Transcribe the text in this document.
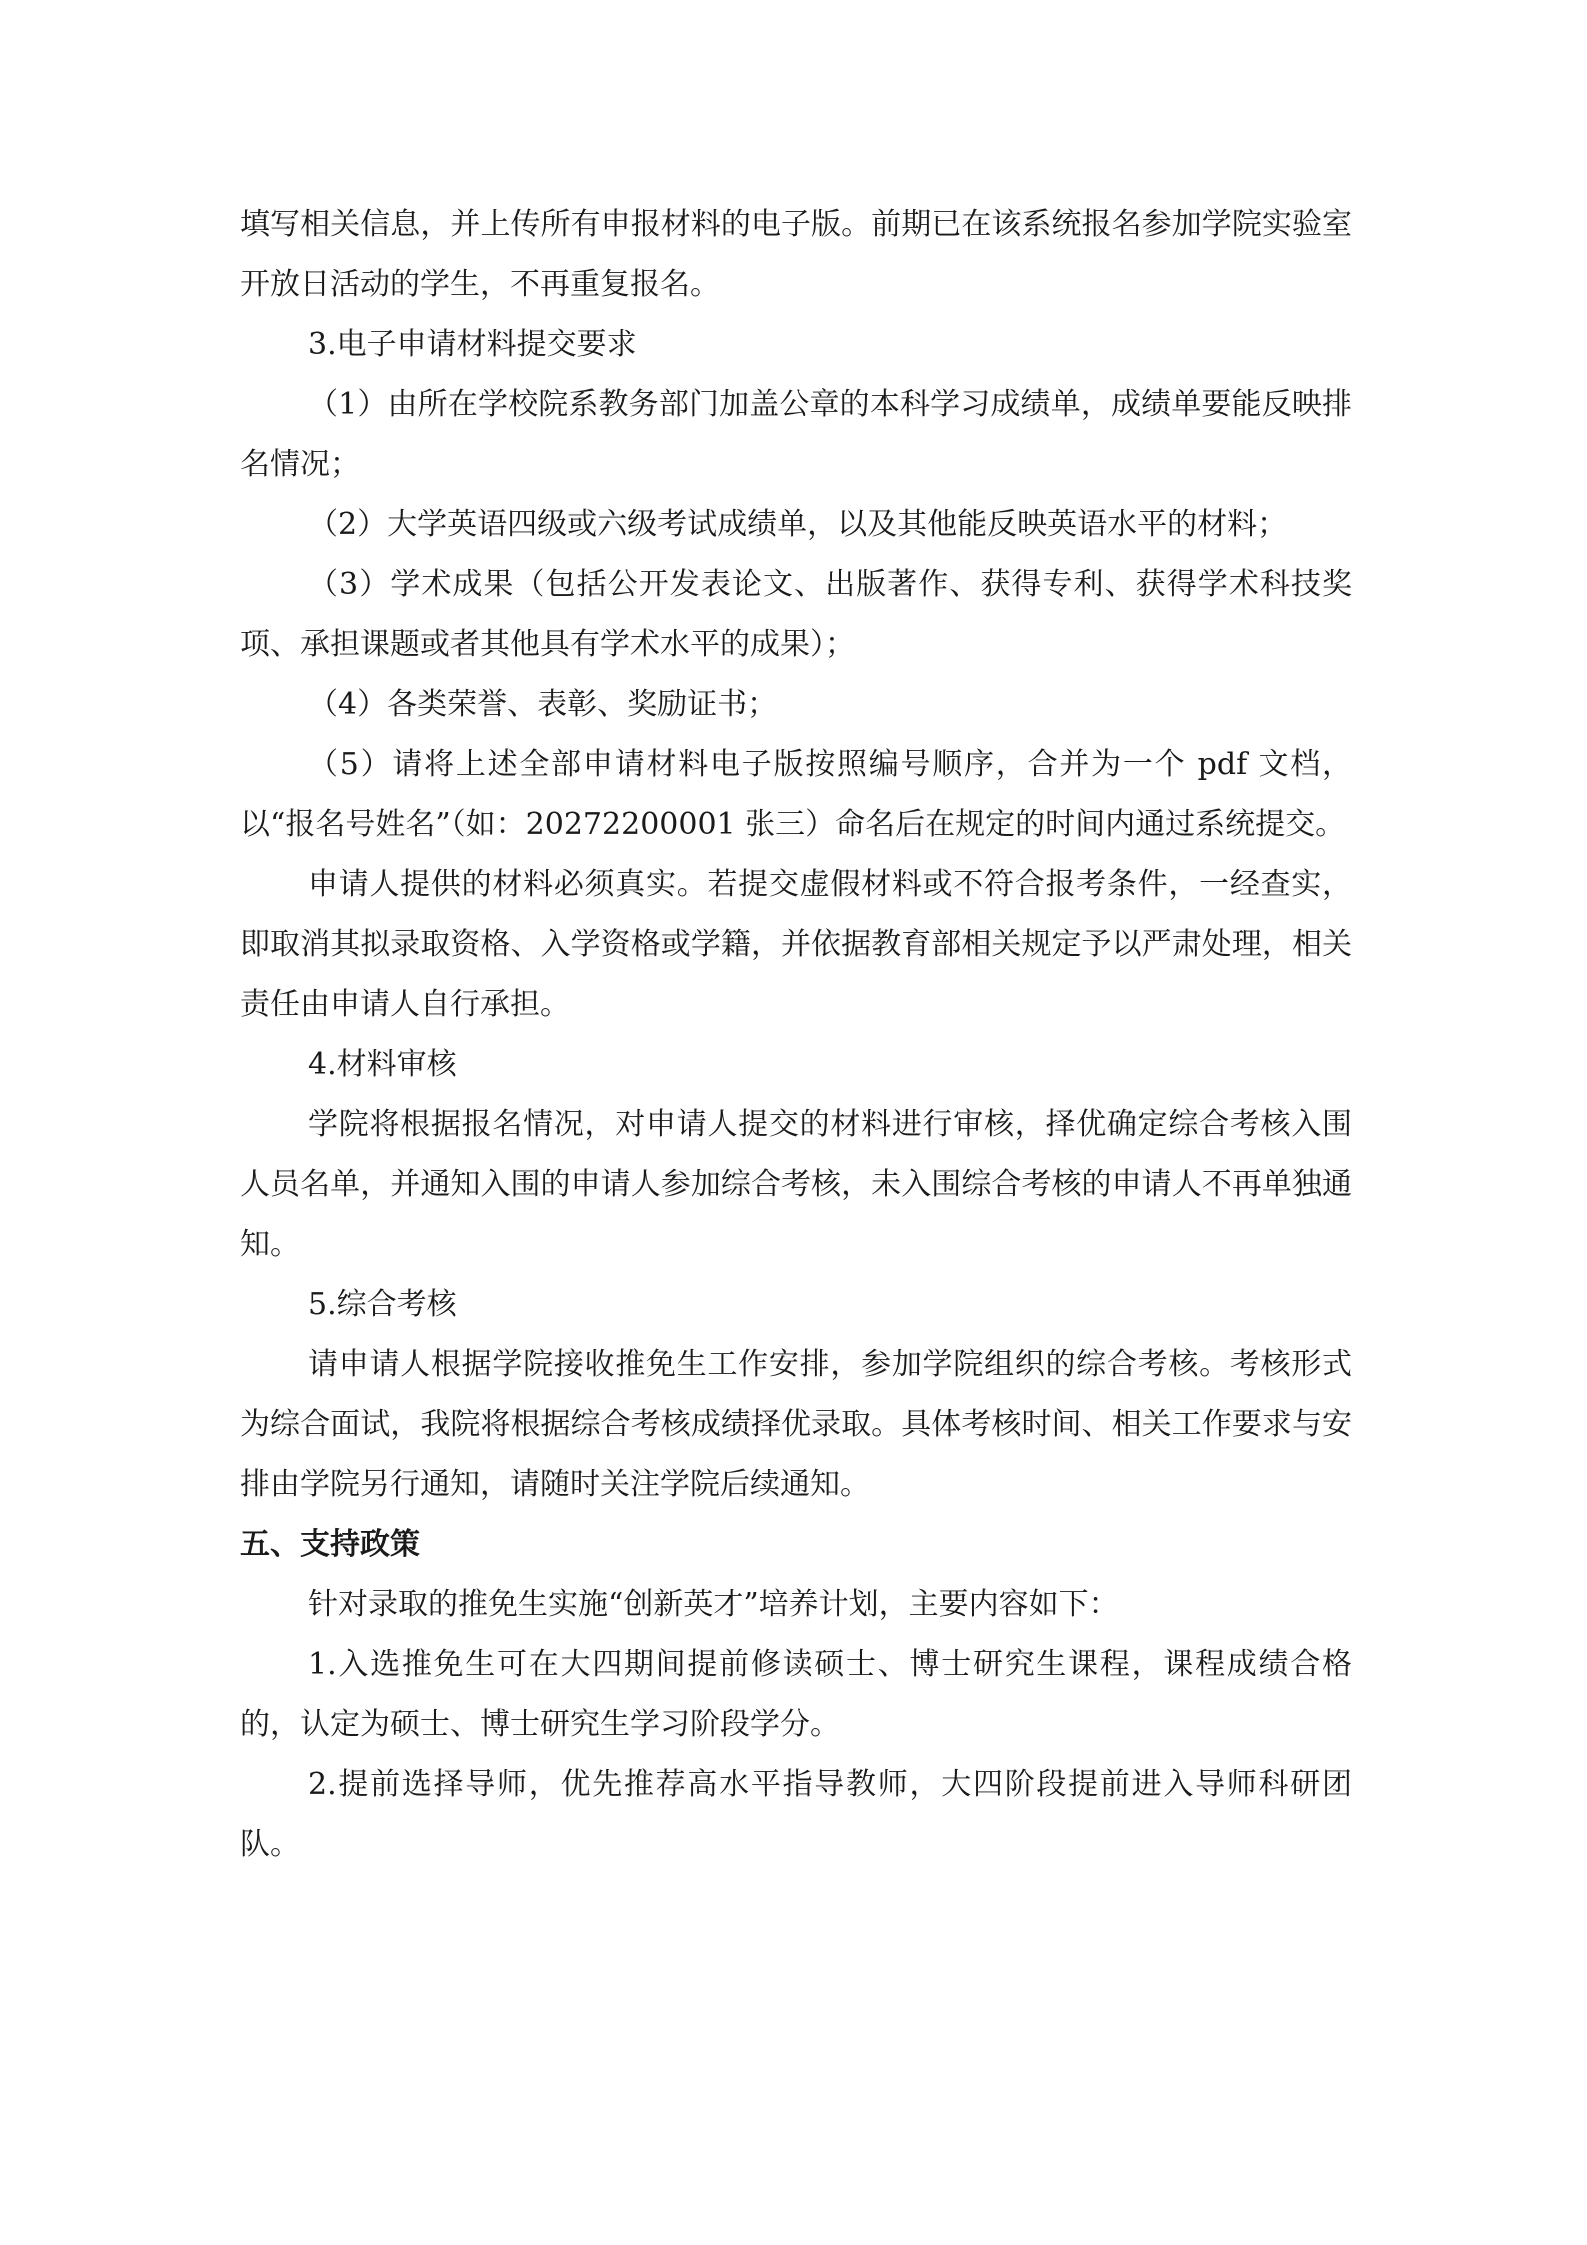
填写相关信息，并上传所有申报材料的电子版。前期已在该系统报名参加学院实验室开放日活动的学生，不再重复报名。

3.电子申请材料提交要求

（1）由所在学校院系教务部门加盖公章的本科学习成绩单，成绩单要能反映排名情况；

（2）大学英语四级或六级考试成绩单，以及其他能反映英语水平的材料；

（3）学术成果（包括公开发表论文、出版著作、获得专利、获得学术科技奖项、承担课题或者其他具有学术水平的成果）；

（4）各类荣誉、表彰、奖励证书；

（5）请将上述全部申请材料电子版按照编号顺序，合并为一个 pdf 文档，以“报名号姓名”（如：20272200001 张三）命名后在规定的时间内通过系统提交。

申请人提供的材料必须真实。若提交虚假材料或不符合报考条件，一经查实，即取消其拟录取资格、入学资格或学籍，并依据教育部相关规定予以严肃处理，相关责任由申请人自行承担。

4.材料审核

学院将根据报名情况，对申请人提交的材料进行审核，择优确定综合考核入围人员名单，并通知入围的申请人参加综合考核，未入围综合考核的申请人不再单独通知。

5.综合考核

请申请人根据学院接收推免生工作安排，参加学院组织的综合考核。考核形式为综合面试，我院将根据综合考核成绩择优录取。具体考核时间、相关工作要求与安排由学院另行通知，请随时关注学院后续通知。

五、支持政策

针对录取的推免生实施“创新英才”培养计划，主要内容如下：

1.入选推免生可在大四期间提前修读硕士、博士研究生课程，课程成绩合格的，认定为硕士、博士研究生学习阶段学分。

2.提前选择导师，优先推荐高水平指导教师，大四阶段提前进入导师科研团队。
